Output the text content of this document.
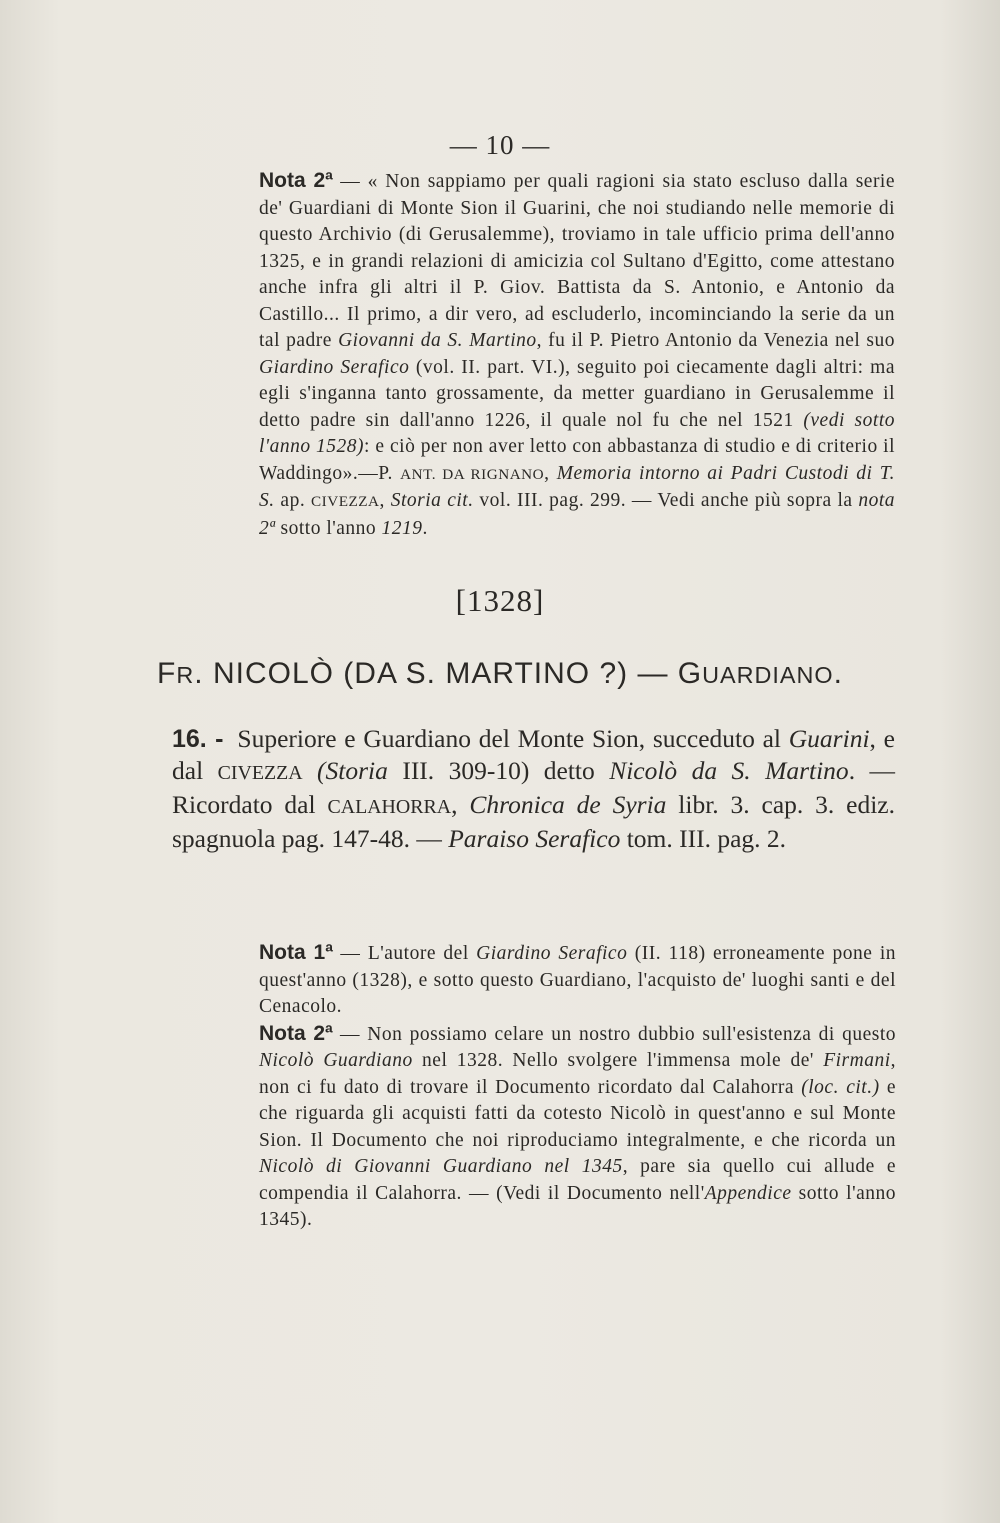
— 10 —

Nota 2ª — « Non sappiamo per quali ragioni sia stato escluso dalla serie de' Guardiani di Monte Sion il Guarini, che noi studiando nelle memorie di questo Archivio (di Gerusalemme), troviamo in tale ufficio prima dell'anno 1325, e in grandi relazioni di amicizia col Sultano d'Egitto, come attestano anche infra gli altri il P. Giov. Battista da S. Antonio, e Antonio da Castillo... Il primo, a dir vero, ad escluderlo, incominciando la serie da un tal padre Giovanni da S. Martino, fu il P. Pietro Antonio da Venezia nel suo Giardino Serafico (vol. II. part. VI.), seguito poi ciecamente dagli altri: ma egli s'inganna tanto grossamente, da metter guardiano in Gerusalemme il detto padre sin dall'anno 1226, il quale nol fu che nel 1521 (vedi sotto l'anno 1528): e ciò per non aver letto con abbastanza di studio e di criterio il Waddingo».—P. ANT. DA RIGNANO, Memoria intorno ai Padri Custodi di T. S. ap. CIVEZZA, Storia cit. vol. III. pag. 299. — Vedi anche più sopra la nota 2ª sotto l'anno 1219.

[1328]
FR. NICOLÒ (DA S. MARTINO ?) — GUARDIANO.

16. - Superiore e Guardiano del Monte Sion, succeduto al Guarini, e dal CIVEZZA (Storia III. 309-10) detto Nicolò da S. Martino. — Ricordato dal CALAHORRA, Chronica de Syria libr. 3. cap. 3. ediz. spagnuola pag. 147-48. — Paraiso Serafico tom. III. pag. 2.

Nota 1ª — L'autore del Giardino Serafico (II. 118) erroneamente pone in quest'anno (1328), e sotto questo Guardiano, l'acquisto de' luoghi santi e del Cenacolo.

Nota 2ª — Non possiamo celare un nostro dubbio sull'esistenza di questo Nicolò Guardiano nel 1328. Nello svolgere l'immensa mole de' Firmani, non ci fu dato di trovare il Documento ricordato dal Calahorra (loc. cit.) e che riguarda gli acquisti fatti da cotesto Nicolò in quest'anno e sul Monte Sion. Il Documento che noi riproduciamo integralmente, e che ricorda un Nicolò di Giovanni Guardiano nel 1345, pare sia quello cui allude e compendia il Calahorra. — (Vedi il Documento nell'Appendice sotto l'anno 1345).
